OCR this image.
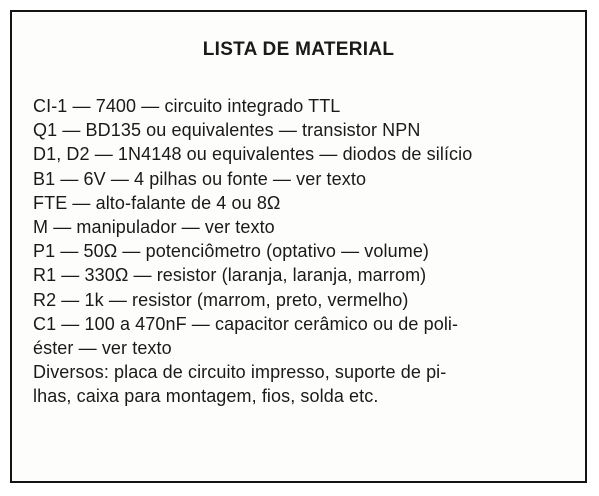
LISTA DE MATERIAL
CI-1 — 7400 — circuito integrado TTL
Q1 — BD135 ou equivalentes — transistor NPN
D1, D2 — 1N4148 ou equivalentes — diodos de silício
B1 — 6V — 4 pilhas ou fonte — ver texto
FTE — alto-falante de 4 ou 8Ω
M — manipulador — ver texto
P1 — 50Ω — potenciômetro (optativo — volume)
R1 — 330Ω — resistor (laranja, laranja, marrom)
R2 — 1k — resistor (marrom, preto, vermelho)
C1 — 100 a 470nF — capacitor cerâmico ou de poli-
éster — ver texto
Diversos: placa de circuito impresso, suporte de pi-
lhas, caixa para montagem, fios, solda etc.
